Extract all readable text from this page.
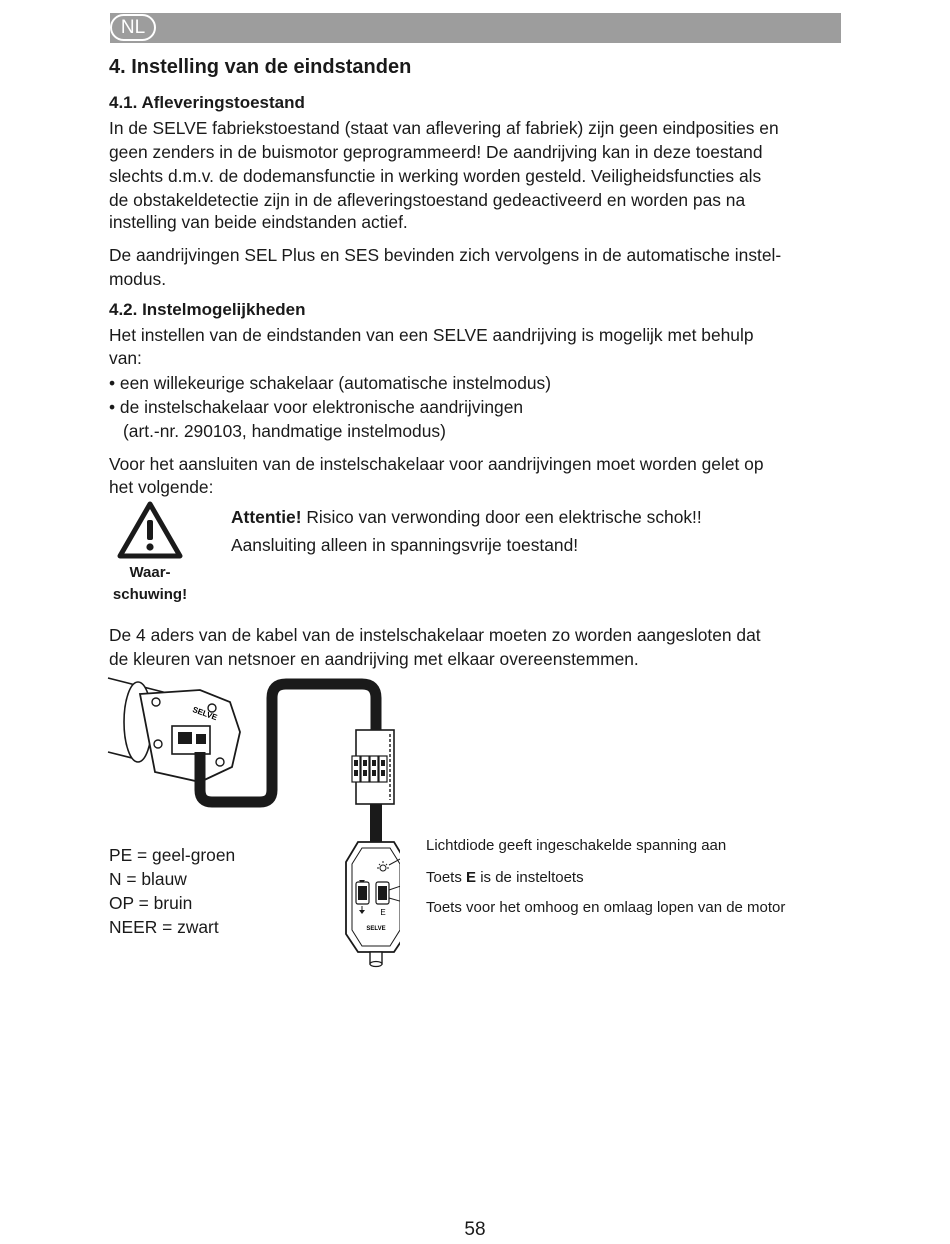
NL
4. Instelling van de eindstanden
4.1. Afleveringstoestand
In de SELVE fabriekstoestand (staat van aflevering af fabriek) zijn geen eindposities en
geen zenders in de buismotor geprogrammeerd! De aandrijving kan in deze toestand
slechts d.m.v. de dodemansfunctie in werking worden gesteld. Veiligheidsfuncties als
de obstakeldetectie zijn in de afleveringstoestand gedeactiveerd en worden pas na
instelling van beide eindstanden actief.
De aandrijvingen SEL Plus en SES bevinden zich vervolgens in de automatische instel-
modus.
4.2. Instelmogelijkheden
Het instellen van de eindstanden van een SELVE aandrijving is mogelijk met behulp
van:
• een willekeurige schakelaar (automatische instelmodus)
• de instelschakelaar voor elektronische aandrijvingen
(art.-nr. 290103, handmatige instelmodus)
Voor het aansluiten van de instelschakelaar voor aandrijvingen moet worden gelet op
het volgende:
Waar-
schuwing!
Attentie! Risico van verwonding door een elektrische schok!!
Aansluiting alleen in spanningsvrije toestand!
De 4 aders van de kabel van de instelschakelaar moeten zo worden aangesloten dat
de kleuren van netsnoer en aandrijving met elkaar overeenstemmen.
SELVE
E
SELVE
PE = geel-groen
N = blauw
OP = bruin
NEER = zwart
Lichtdiode geeft ingeschakelde spanning aan
Toets E is de insteltoets
Toets voor het omhoog en omlaag lopen van de motor
58
